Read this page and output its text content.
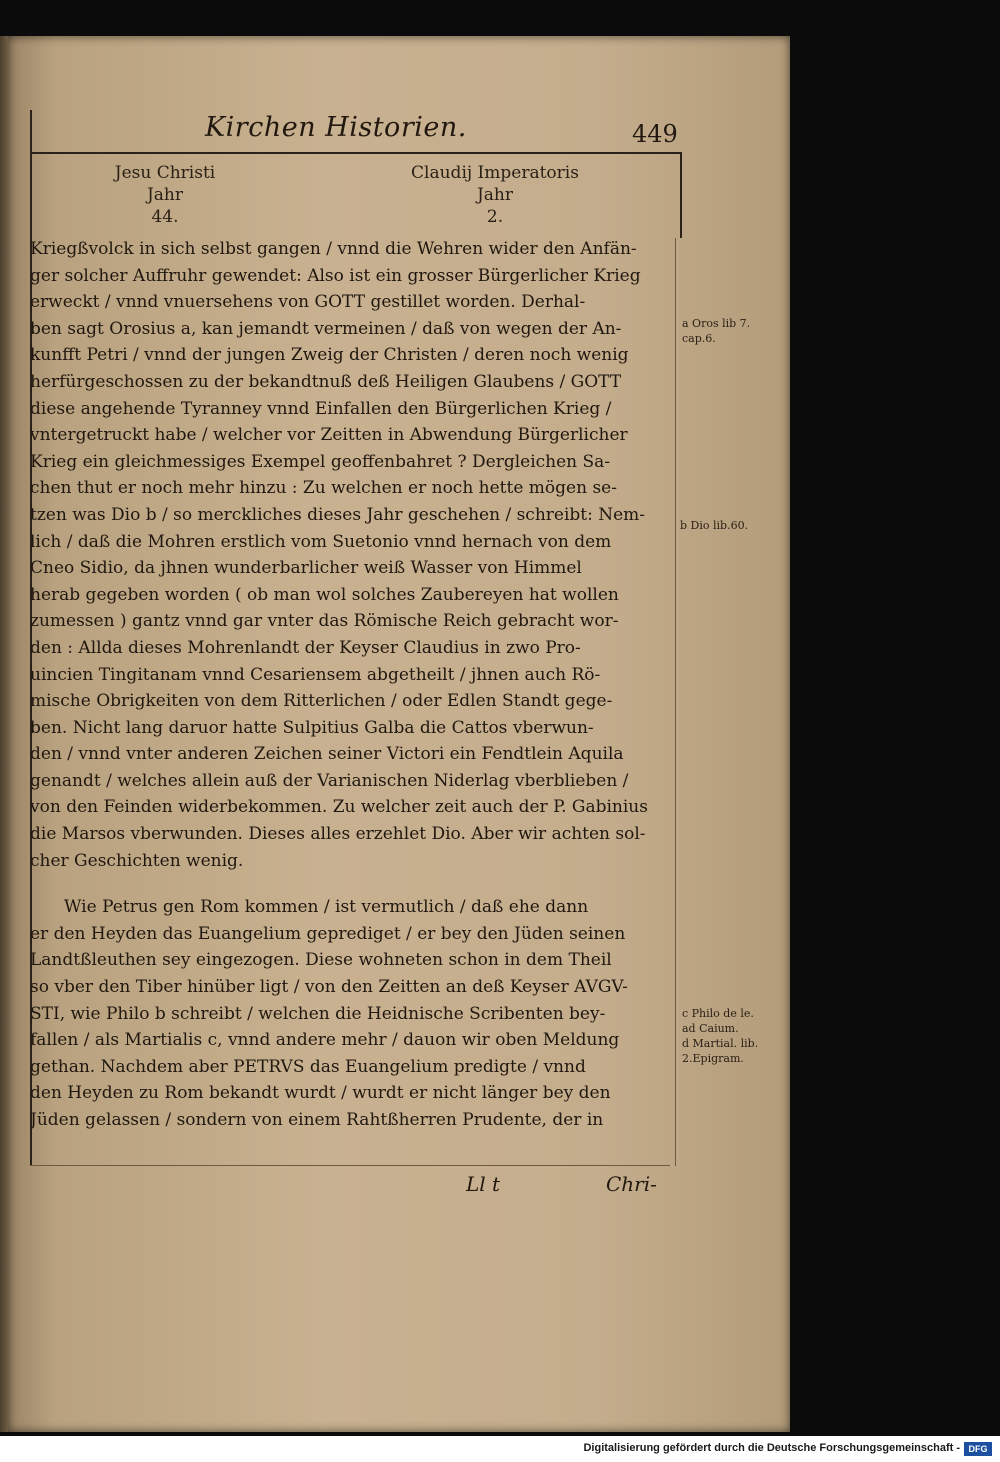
Kirchen Historien.	449
Jesu Christi
Jahr
44.
Claudij Imperatoris
Jahr
2.
Kriegßvolck in sich selbst gangen / vnnd die Wehren wider den Anfän-
ger solcher Auffruhr gewendet: Also ist ein grosser Bürgerlicher Krieg
erweckt / vnnd vnuersehens von GOTT gestillet worden. Derhal-
ben sagt Orosius a, kan jemandt vermeinen / daß von wegen der An-
kunfft Petri / vnnd der jungen Zweig der Christen / deren noch wenig
herfürgeschossen zu der bekandtnuß deß Heiligen Glaubens / GOTT
diese angehende Tyranney vnnd Einfallen den Bürgerlichen Krieg /
vntergetruckt habe / welcher vor Zeitten in Abwendung Bürgerlicher
Krieg ein gleichmessiges Exempel geoffenbahret ? Dergleichen Sa-
chen thut er noch mehr hinzu : Zu welchen er noch hette mögen se-
tzen was Dio b / so merckliches dieses Jahr geschehen / schreibt: Nem-
lich / daß die Mohren erstlich vom Suetonio vnnd hernach von dem
Cneo Sidio, da jhnen wunderbarlicher weiß Wasser von Himmel
herab gegeben worden ( ob man wol solches Zaubereyen hat wollen
zumessen ) gantz vnnd gar vnter das Römische Reich gebracht wor-
den : Allda dieses Mohrenlandt der Keyser Claudius in zwo Pro-
uincien Tingitanam vnnd Cesariensem abgetheilt / jhnen auch Rö-
mische Obrigkeiten von dem Ritterlichen / oder Edlen Standt gege-
ben. Nicht lang daruor hatte Sulpitius Galba die Cattos vberwun-
den / vnnd vnter anderen Zeichen seiner Victori ein Fendtlein Aquila
genandt / welches allein auß der Varianischen Niderlag vberblieben /
von den Feinden widerbekommen. Zu welcher zeit auch der P. Gabinius
die Marsos vberwunden. Dieses alles erzehlet Dio. Aber wir achten sol-
cher Geschichten wenig.
Wie Petrus gen Rom kommen / ist vermutlich / daß ehe dann
er den Heyden das Euangelium geprediget / er bey den Jüden seinen
Landtßleuthen sey eingezogen. Diese wohneten schon in dem Theil
so vber den Tiber hinüber ligt / von den Zeitten an deß Keyser AVGV-
STI, wie Philo b schreibt / welchen die Heidnische Scribenten bey-
fallen / als Martialis c, vnnd andere mehr / dauon wir oben Meldung
gethan. Nachdem aber PETRVS das Euangelium predigte / vnnd
den Heyden zu Rom bekandt wurdt / wurdt er nicht länger bey den
Jüden gelassen / sondern von einem Rahtßherren Prudente, der in
a Oros lib 7.
cap.6.
b Dio lib.60.
c Philo de le.
ad Caium.
d Martial. lib.
2.Epigram.
Ll t	Chri-
Digitalisierung gefördert durch die Deutsche Forschungsgemeinschaft - DFG
